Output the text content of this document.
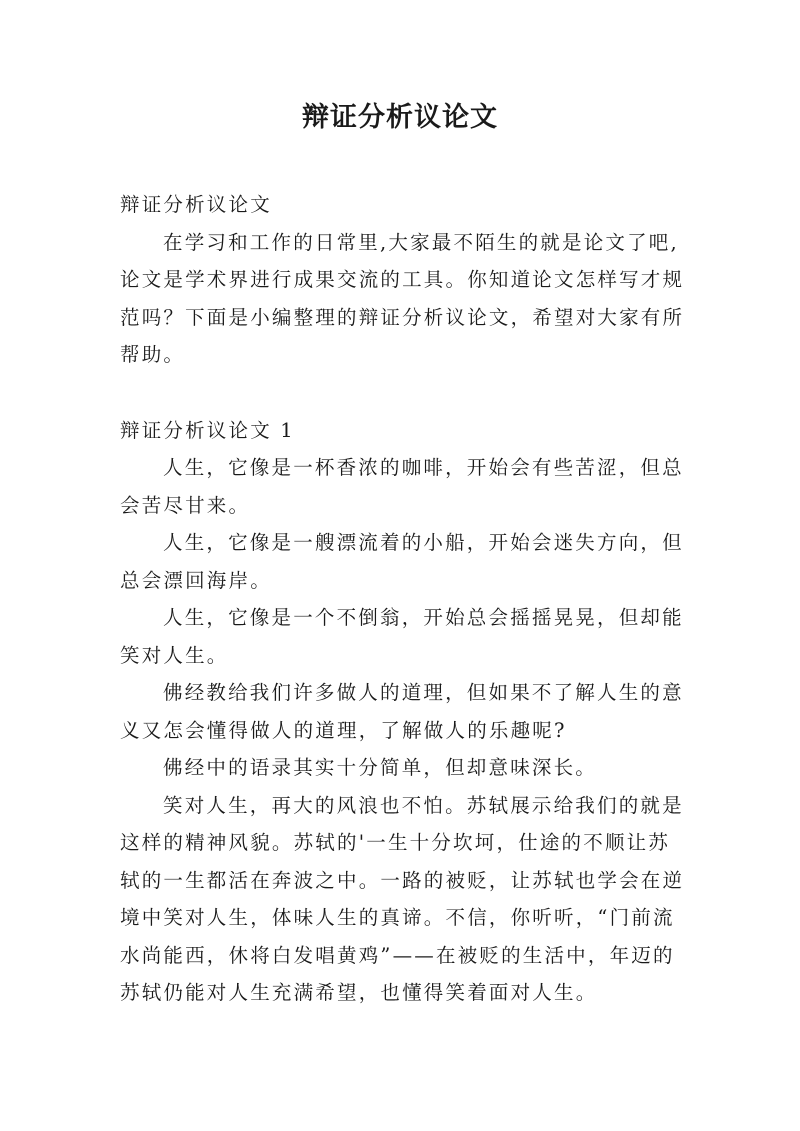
辩证分析议论文

辩证分析议论文

在学习和工作的日常里,大家最不陌生的就是论文了吧,

论文是学术界进行成果交流的工具。你知道论文怎样写才规

范吗？下面是小编整理的辩证分析议论文，希望对大家有所

帮助。

辩证分析议论文 1

人生，它像是一杯香浓的咖啡，开始会有些苦涩，但总

会苦尽甘来。

人生，它像是一艘漂流着的小船，开始会迷失方向，但

总会漂回海岸。

人生，它像是一个不倒翁，开始总会摇摇晃晃，但却能

笑对人生。

佛经教给我们许多做人的道理，但如果不了解人生的意

义又怎会懂得做人的道理，了解做人的乐趣呢?

佛经中的语录其实十分简单，但却意味深长。

笑对人生，再大的风浪也不怕。苏轼展示给我们的就是

这样的精神风貌。苏轼的'一生十分坎坷，仕途的不顺让苏

轼的一生都活在奔波之中。一路的被贬，让苏轼也学会在逆

境中笑对人生，体味人生的真谛。不信，你听听，“门前流

水尚能西，休将白发唱黄鸡”——在被贬的生活中，年迈的

苏轼仍能对人生充满希望，也懂得笑着面对人生。
